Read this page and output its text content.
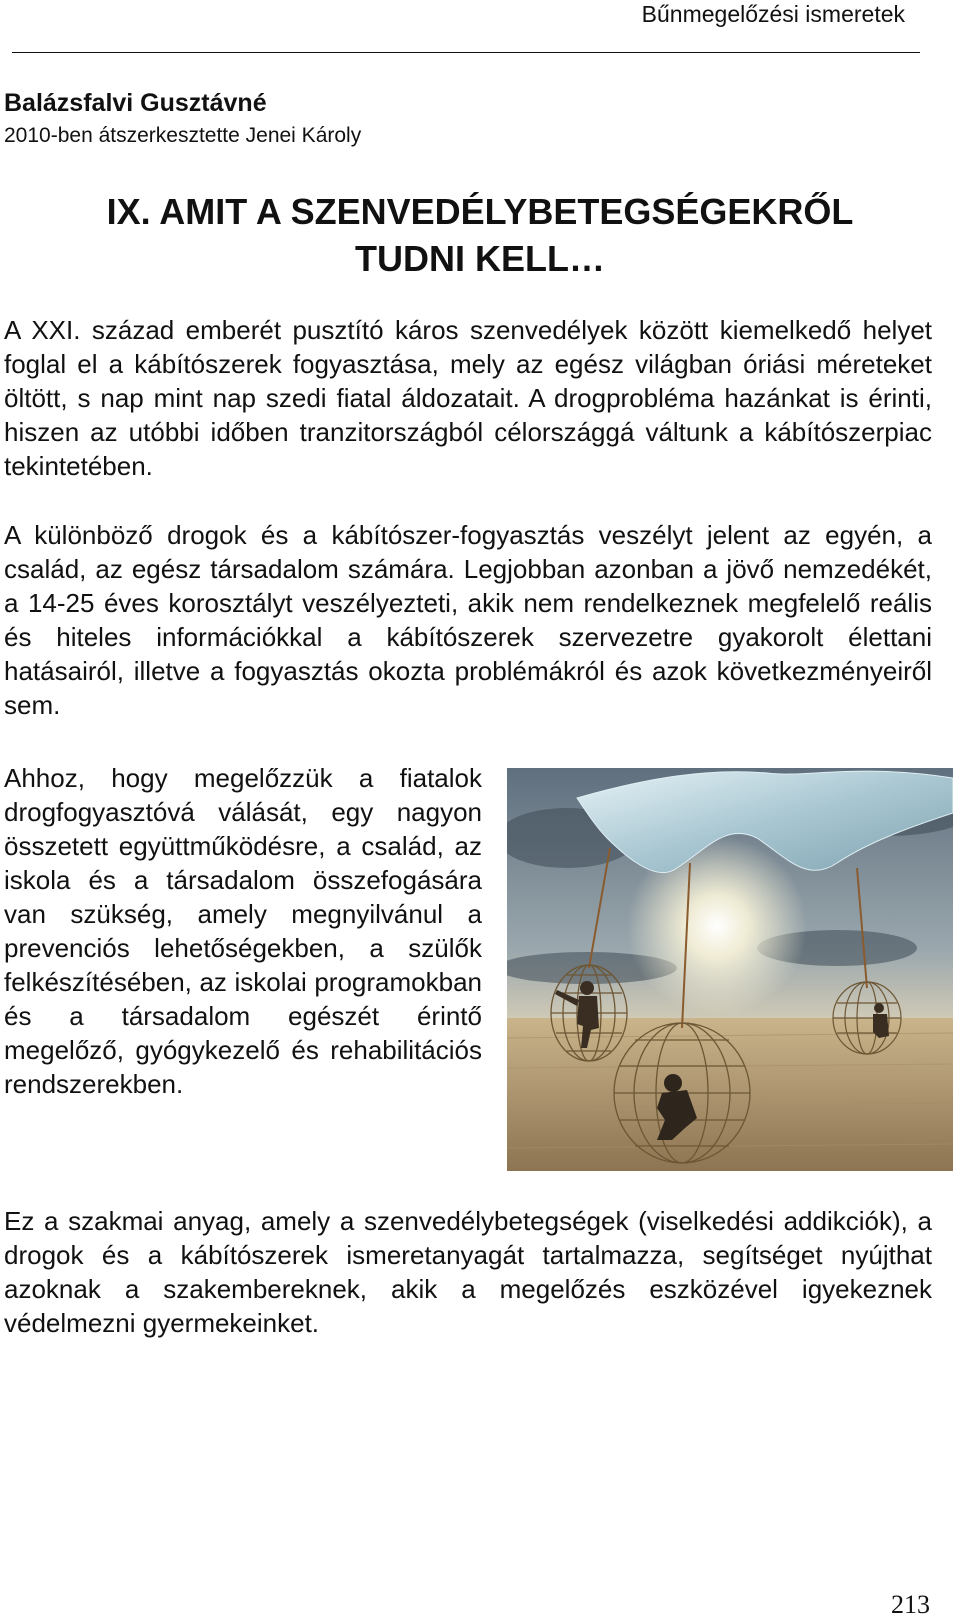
Bűnmegelőzési ismeretek
Balázsfalvi Gusztávné
2010-ben átszerkesztette Jenei Károly
IX. AMIT A SZENVEDÉLYBETEGSÉGEKRŐL
TUDNI KELL…

A XXI. század emberét pusztító káros szenvedélyek között kiemelkedő helyet foglal el a kábítószerek fogyasztása, mely az egész világban óriási méreteket öltött, s nap mint nap szedi fiatal áldozatait. A drogprobléma hazánkat is érinti, hiszen az utóbbi időben tranzitországból célországgá váltunk a kábítószerpiac tekintetében.

A különböző drogok és a kábítószer-fogyasztás veszélyt jelent az egyén, a család, az egész társadalom számára. Legjobban azonban a jövő nemzedékét, a 14-25 éves korosztályt veszélyezteti, akik nem rendelkeznek megfelelő reális és hiteles információkkal a kábítószerek szervezetre gyakorolt élettani hatásairól, illetve a fogyasztás okozta problémákról és azok következményeiről sem.

Ahhoz, hogy megelőzzük a fiatalok drogfogyasztóvá válását, egy nagyon összetett együttműködésre, a család, az iskola és a társadalom összefogására van szükség, amely megnyilvánul a prevenciós lehetőségekben, a szülők felkészítésében, az iskolai programokban és a társadalom egészét érintő megelőző, gyógykezelő és rehabilitációs rendszerekben.

Ez a szakmai anyag, amely a szenvedélybetegségek (viselkedési addikciók), a drogok és a kábítószerek ismeretanyagát tartalmazza, segítséget nyújthat azoknak a szakembereknek, akik a megelőzés eszközével igyekeznek védelmezni gyermekeinket.

213
